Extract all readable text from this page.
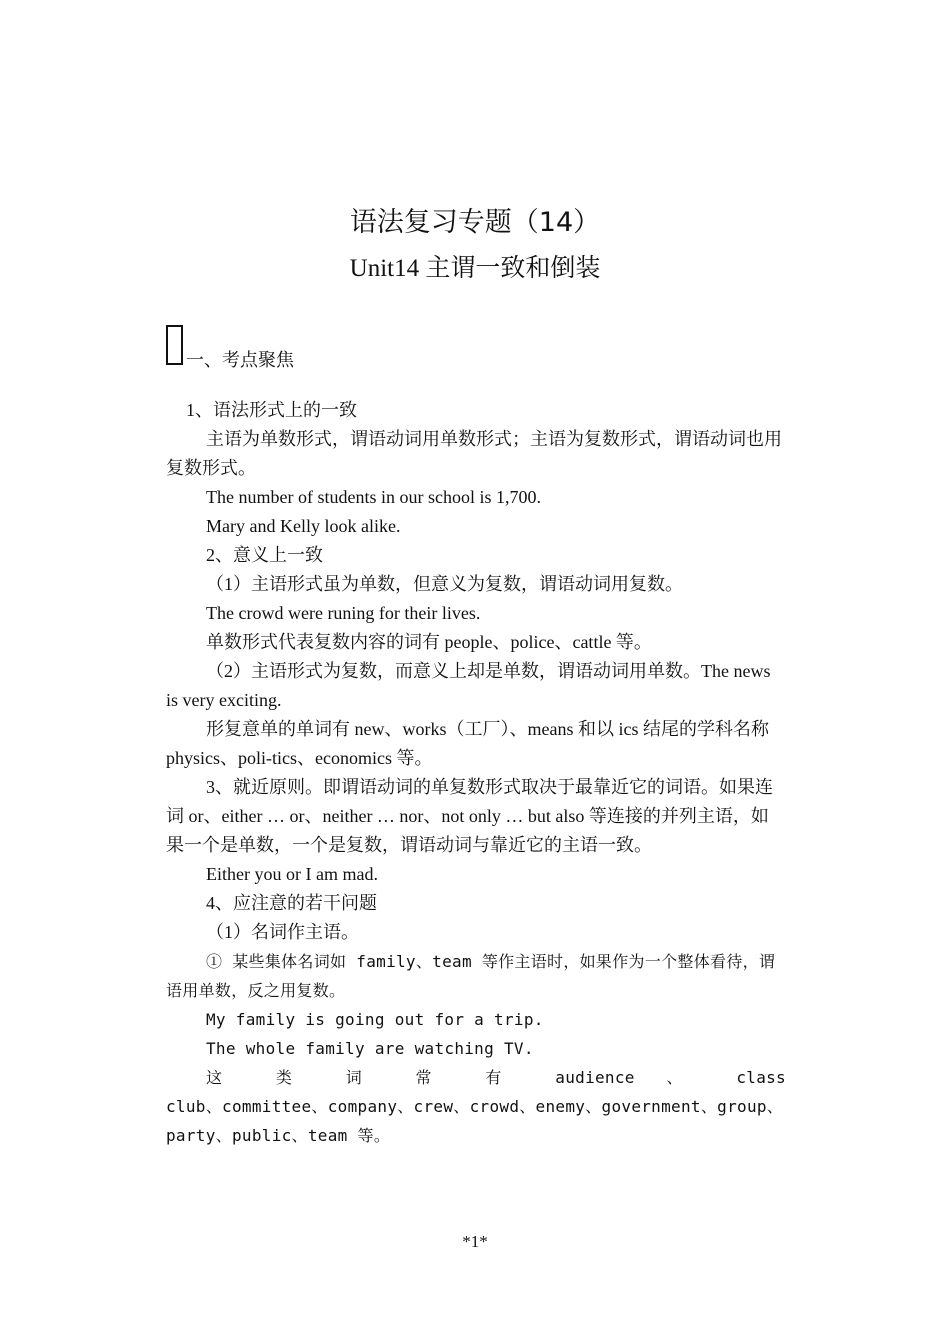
语法复习专题（14）
Unit14 主谓一致和倒装
一、考点聚焦

1、语法形式上的一致

主语为单数形式，谓语动词用单数形式；主语为复数形式，谓语动词也用复数形式。

The number of students in our school is 1,700.

Mary and Kelly look alike.

2、意义上一致

（1）主语形式虽为单数，但意义为复数，谓语动词用复数。

The crowd were runing for their lives.

单数形式代表复数内容的词有 people、police、cattle 等。

（2）主语形式为复数，而意义上却是单数，谓语动词用单数。The news is very exciting.

形复意单的单词有 new、works（工厂）、means 和以 ics 结尾的学科名称 physics、poli-tics、economics 等。

3、就近原则。即谓语动词的单复数形式取决于最靠近它的词语。如果连词 or、either … or、neither … nor、not only … but also 等连接的并列主语，如果一个是单数，一个是复数，谓语动词与靠近它的主语一致。

Either you or I am mad.

4、应注意的若干问题

（1）名词作主语。

① 某些集体名词如 family、team 等作主语时，如果作为一个整体看待，谓语用单数，反之用复数。

My family is going out for a trip.

The whole family are watching TV.

这 类 词 常 有 audience 、 class

club、committee、company、crew、crowd、enemy、government、group、party、public、team 等。

*1*
